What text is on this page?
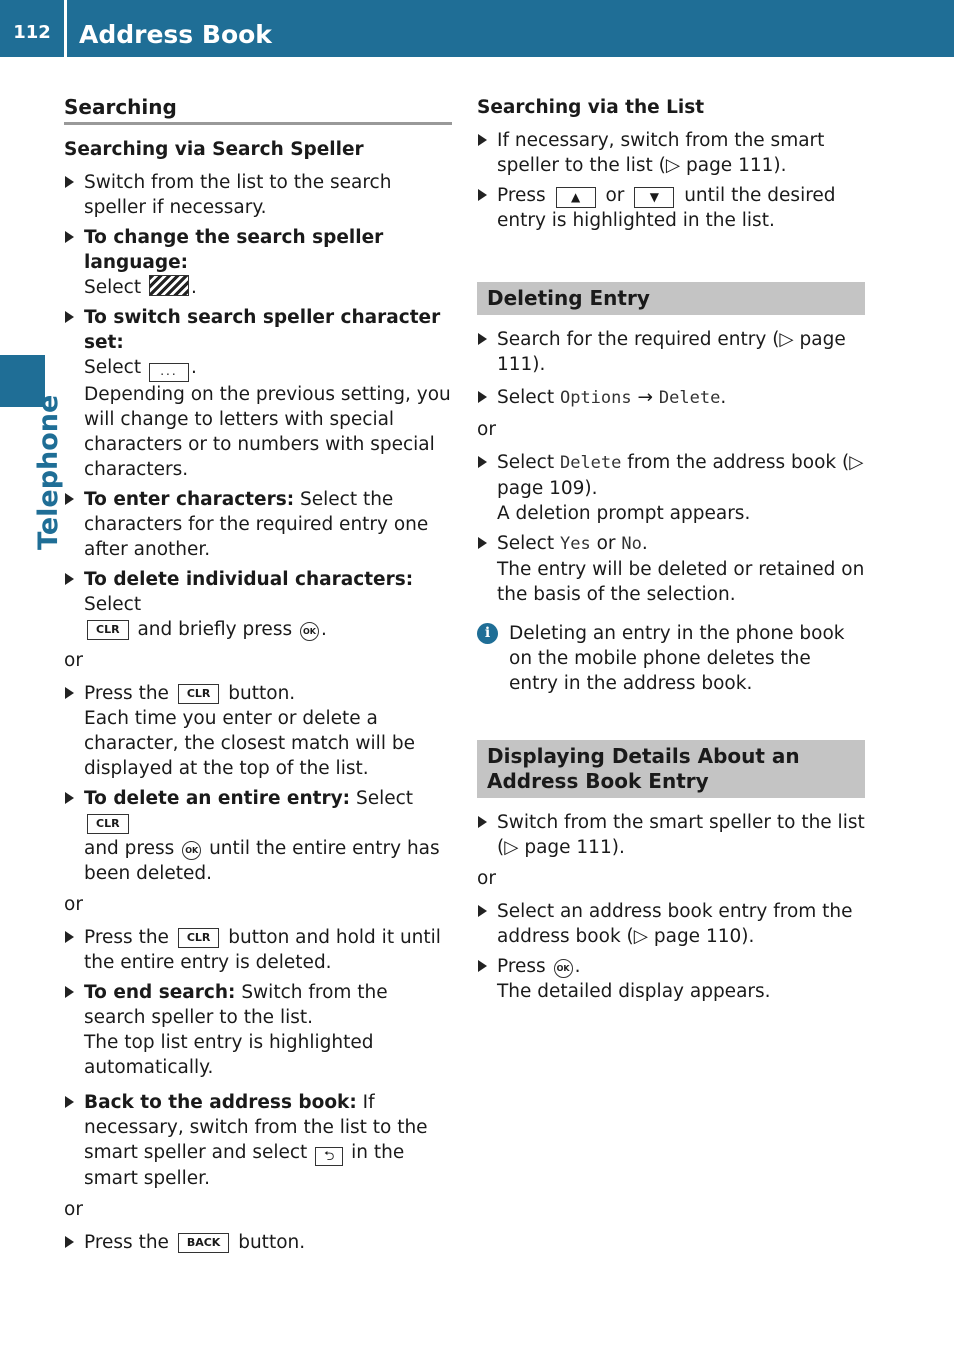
112	Address Book
Telephone
Searching
Searching via Search Speller
Switch from the list to the search speller if necessary.
To change the search speller language:
Select	.
To switch search speller character set:
Select ... .
Depending on the previous setting, you will change to letters with special characters or to numbers with special characters.
To enter characters: Select the characters for the required entry one after another.
To delete individual characters: Select
CLR and briefly press OK .
or
Press the CLR button.
Each time you enter or delete a character, the closest match will be displayed at the top of the list.
To delete an entire entry: Select CLR
and press OK until the entire entry has been deleted.
or
Press the CLR button and hold it until the entire entry is deleted.
To end search: Switch from the search speller to the list.
The top list entry is highlighted automatically.
Back to the address book: If necessary, switch from the list to the smart speller and select ⮌ in the smart speller.
or
Press the BACK button.
Searching via the List
If necessary, switch from the smart speller to the list (▷ page 111).
Press ▲ or ▼ until the desired entry is highlighted in the list.
Deleting Entry
Search for the required entry (▷ page 111).
Select Options → Delete.
or
Select Delete from the address book (▷ page 109).
A deletion prompt appears.
Select Yes or No.
The entry will be deleted or retained on the basis of the selection.
i	Deleting an entry in the phone book on the mobile phone deletes the entry in the address book.
Displaying Details About an Address Book Entry
Switch from the smart speller to the list (▷ page 111).
or
Select an address book entry from the address book (▷ page 110).
Press OK .
The detailed display appears.
